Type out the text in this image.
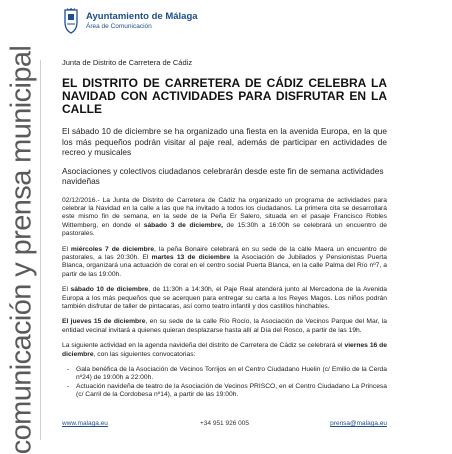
comunicación y prensa municipal
Ayuntamiento de Málaga
Área de Comunicación

Junta de Distrito de Carretera de Cádiz

EL DISTRITO DE CARRETERA DE CÁDIZ CELEBRA LA NAVIDAD CON ACTIVIDADES PARA DISFRUTAR EN LA CALLE

El sábado 10 de diciembre se ha organizado una fiesta en la avenida Europa, en la que los más pequeños podrán visitar al paje real, además de participar en actividades de recreo y musicales

Asociaciones y colectivos ciudadanos celebrarán desde este fin de semana actividades navideñas

02/12/2016.- La Junta de Distrito de Carretera de Cádiz ha organizado un programa de actividades para celebrar la Navidad en la calle a las que ha invitado a todos los ciudadanos. La primera cita se desarrollará este mismo fin de semana, en la sede de la Peña Er Salero, situada en el pasaje Francisco Robles Wittemberg, en donde el sábado 3 de diciembre, de 15:30h a 16:00h se celebrará un encuentro de pastorales.

El miércoles 7 de diciembre, la peña Bonaire celebrará en su sede de la calle Maera un encuentro de pastorales, a las 20:30h. El martes 13 de diciembre la Asociación de Jubilados y Pensionistas Puerta Blanca, organizará una actuación de coral en el centro social Puerta Blanca, en la calle Palma del Río nº7, a partir de las 19:00h.

El sábado 10 de diciembre, de 11:30h a 14:30h, el Paje Real atenderá junto al Mercadona de la Avenida Europa a los más pequeños que se acerquen para entregar su carta a los Reyes Magos. Los niños podrán también disfrutar de taller de pintacaras, así como teatro infantil y dos castillos hinchables.

El jueves 15 de diciembre, en su sede de la calle Río Rocío, la Asociación de Vecinos Parque del Mar, la entidad vecinal invitará a quienes quieran desplazarse hasta allí al Día del Rosco, a partir de las 19h.

La siguiente actividad en la agenda navideña del distrito de Carretera de Cádiz se celebrará el viernes 16 de diciembre, con las siguientes convocatorias:

- Gala benéfica de la Asociación de Vecinos Torrijos en el Centro Ciudadano Huelin (c/ Emilio de la Cerda nº24) de 19:00h a 22:00h.
- Actuación navideña de teatro de la Asociación de Vecinos PRISCO, en el Centro Ciudadano La Princesa (c/ Carril de la Cordobesa nº14), a partir de las 19:00h.
www.malaga.eu	+34 951 926 005	prensa@malaga.eu
